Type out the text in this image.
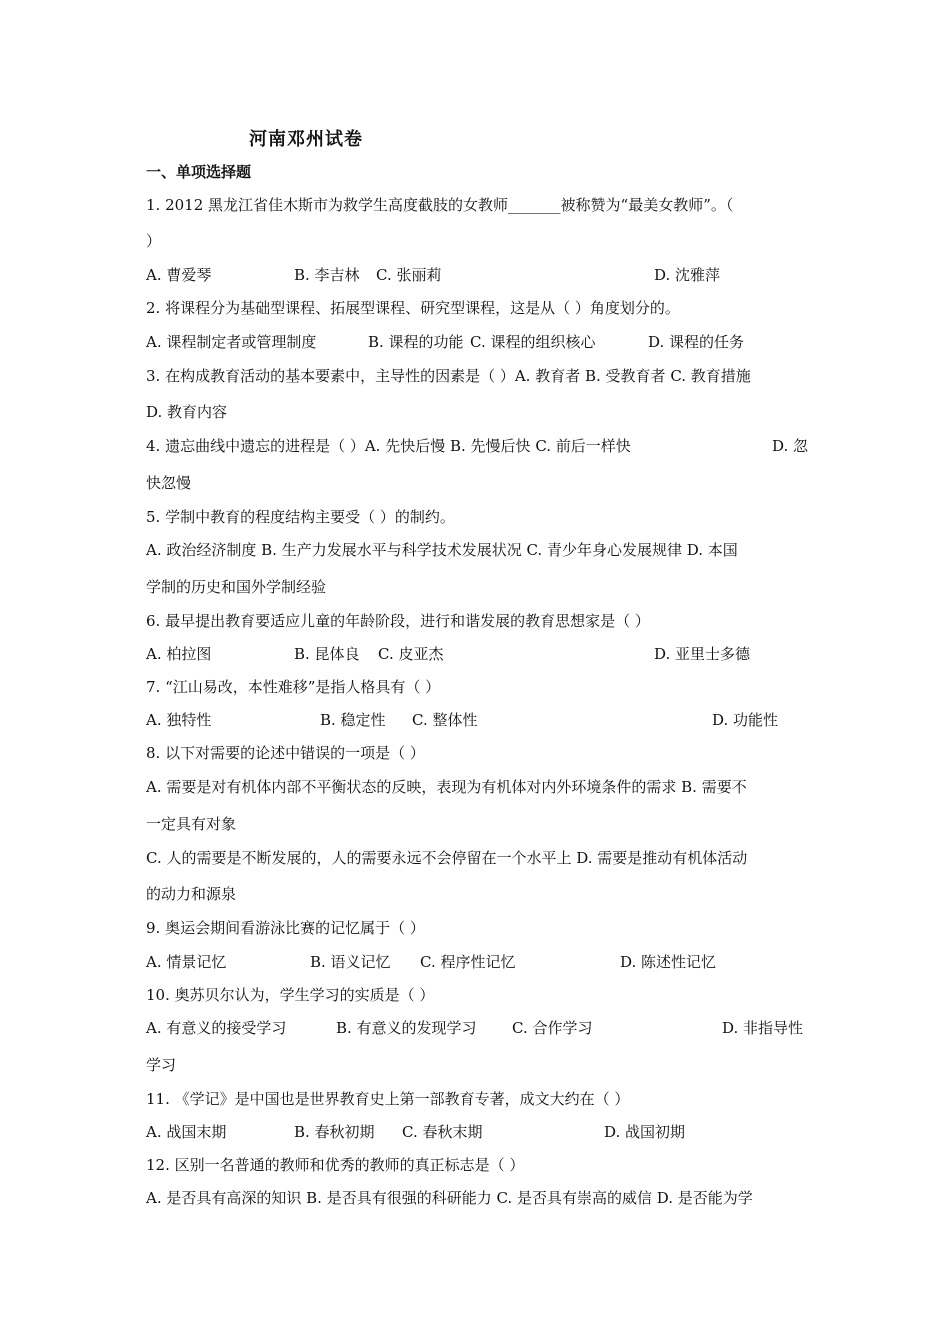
河南邓州试卷
一、单项选择题
1. 2012 黑龙江省佳木斯市为救学生高度截肢的女教师_______被称赞为“最美女教师”。（
）
A. 曹爱琴	B. 李吉林 C. 张丽莉	D. 沈雅萍
2. 将课程分为基础型课程、拓展型课程、研究型课程，这是从（ ）角度划分的。
A. 课程制定者或管理制度	B. 课程的功能 C. 课程的组织核心	D. 课程的任务
3. 在构成教育活动的基本要素中，主导性的因素是（ ）A. 教育者 B. 受教育者 C. 教育措施
D. 教育内容
4. 遗忘曲线中遗忘的进程是（ ）A. 先快后慢 B. 先慢后快 C. 前后一样快	D. 忽
快忽慢
5. 学制中教育的程度结构主要受（ ）的制约。
A. 政治经济制度 B. 生产力发展水平与科学技术发展状况 C. 青少年身心发展规律 D. 本国
学制的历史和国外学制经验
6. 最早提出教育要适应儿童的年龄阶段，进行和谐发展的教育思想家是（ ）
A. 柏拉图	B. 昆体良 C. 皮亚杰	D. 亚里士多德
7. “江山易改，本性难移”是指人格具有（ ）
A. 独特性	B. 稳定性 C. 整体性	D. 功能性
8. 以下对需要的论述中错误的一项是（ ）
A. 需要是对有机体内部不平衡状态的反映，表现为有机体对内外环境条件的需求 B. 需要不
一定具有对象
C. 人的需要是不断发展的，人的需要永远不会停留在一个水平上 D. 需要是推动有机体活动
的动力和源泉
9. 奥运会期间看游泳比赛的记忆属于（ ）
A. 情景记忆	B. 语义记忆 C. 程序性记忆	D. 陈述性记忆
10. 奥苏贝尔认为，学生学习的实质是（ ）
A. 有意义的接受学习	B. 有意义的发现学习 C. 合作学习	D. 非指导性
学习
11. 《学记》是中国也是世界教育史上第一部教育专著，成文大约在（ ）
A. 战国末期	B. 春秋初期 C. 春秋末期	D. 战国初期
12. 区别一名普通的教师和优秀的教师的真正标志是（ ）
A. 是否具有高深的知识 B. 是否具有很强的科研能力 C. 是否具有崇高的威信 D. 是否能为学
